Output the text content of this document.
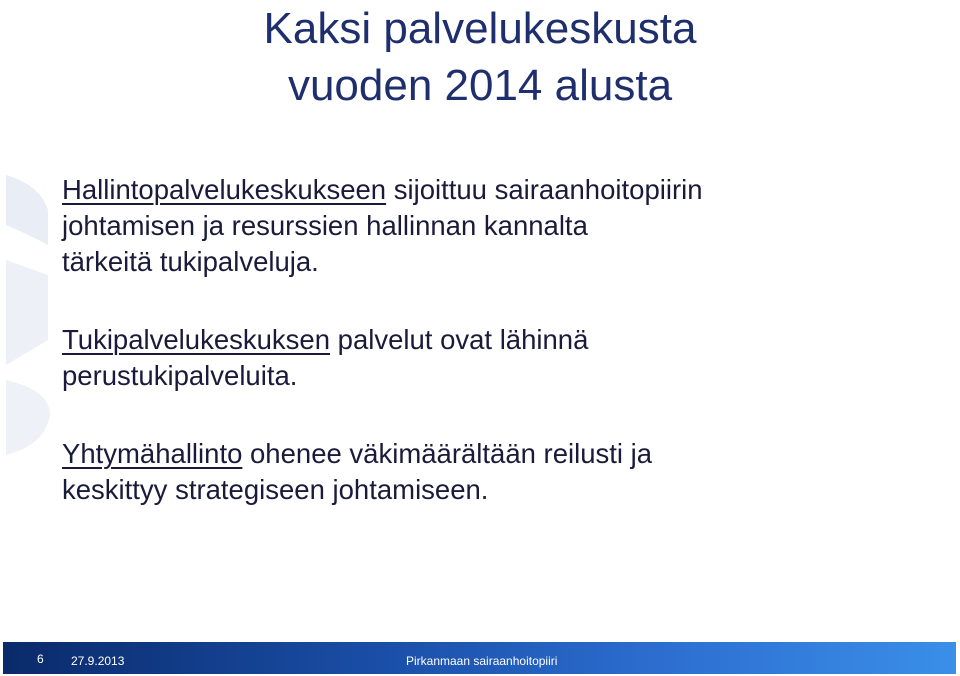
Kaksi palvelukeskusta
vuoden 2014 alusta

Hallintopalvelukeskukseen sijoittuu sairaanhoitopiirin
johtamisen ja resurssien hallinnan kannalta
tärkeitä tukipalveluja.

Tukipalvelukeskuksen palvelut ovat lähinnä
perustukipalveluita.

Yhtymähallinto ohenee väkimäärältään reilusti ja
keskittyy strategiseen johtamiseen.

6 27.9.2013	Pirkanmaan sairaanhoitopiiri
